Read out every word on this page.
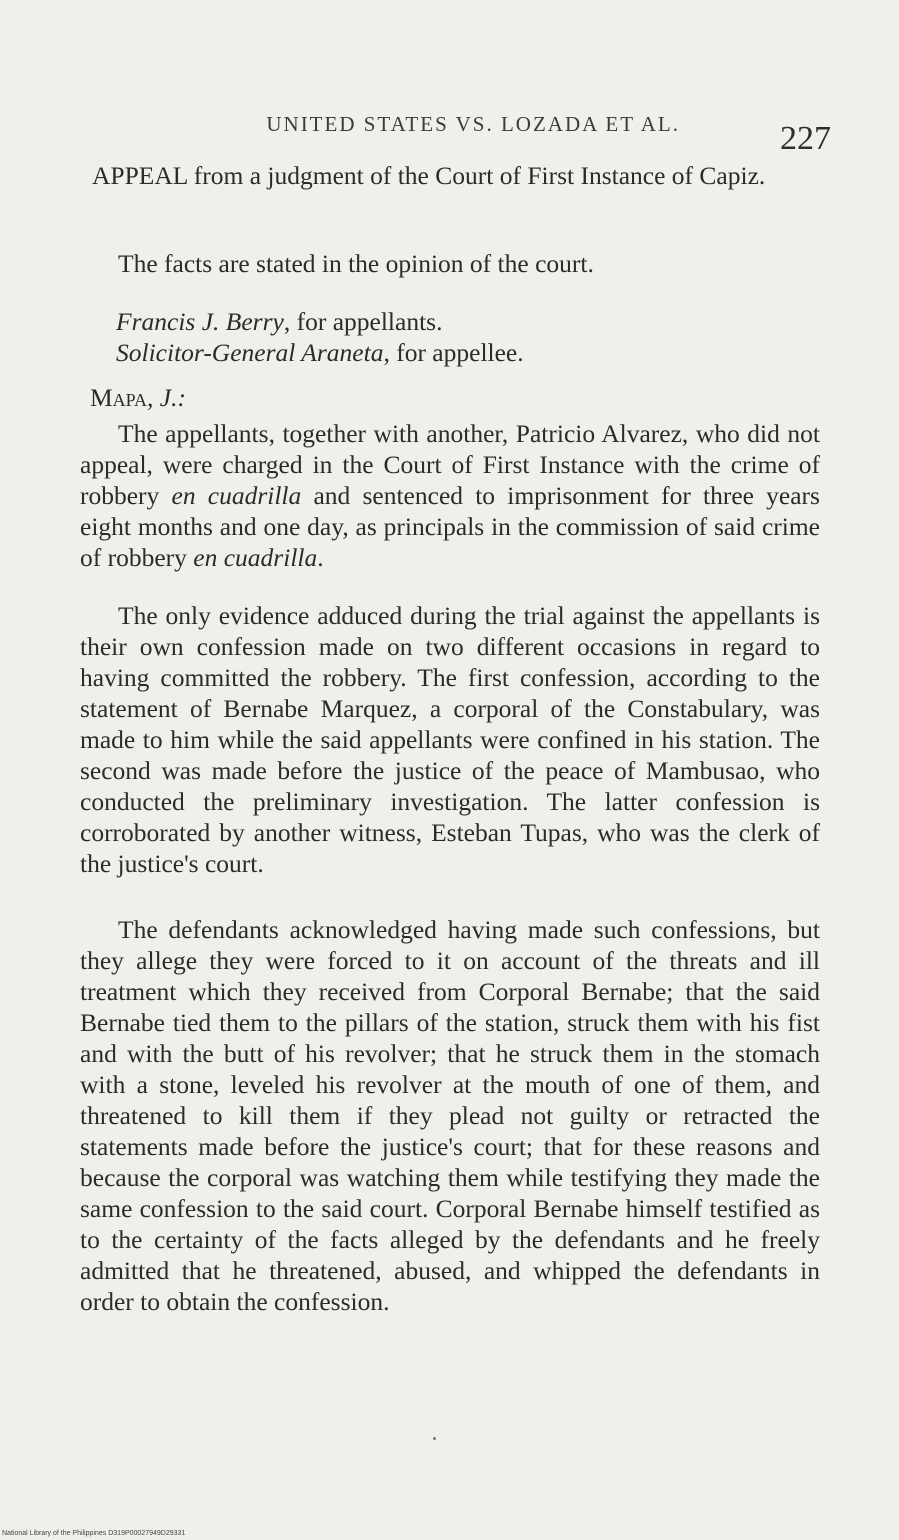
UNITED STATES VS. LOZADA ET AL.	227
APPEAL from a judgment of the Court of First Instance of Capiz.
The facts are stated in the opinion of the court.
Francis J. Berry, for appellants.
Solicitor-General Araneta, for appellee.
Mapa, J.:
The appellants, together with another, Patricio Alvarez, who did not appeal, were charged in the Court of First Instance with the crime of robbery en cuadrilla and sentenced to imprisonment for three years eight months and one day, as principals in the commission of said crime of robbery en cuadrilla.
The only evidence adduced during the trial against the appellants is their own confession made on two different occasions in regard to having committed the robbery. The first confession, according to the statement of Bernabe Marquez, a corporal of the Constabulary, was made to him while the said appellants were confined in his station. The second was made before the justice of the peace of Mambusao, who conducted the preliminary investigation. The latter confession is corroborated by another witness, Esteban Tupas, who was the clerk of the justice's court.
The defendants acknowledged having made such confessions, but they allege they were forced to it on account of the threats and ill treatment which they received from Corporal Bernabe; that the said Bernabe tied them to the pillars of the station, struck them with his fist and with the butt of his revolver; that he struck them in the stomach with a stone, leveled his revolver at the mouth of one of them, and threatened to kill them if they plead not guilty or retracted the statements made before the justice's court; that for these reasons and because the corporal was watching them while testifying they made the same confession to the said court. Corporal Bernabe himself testified as to the certainty of the facts alleged by the defendants and he freely admitted that he threatened, abused, and whipped the defendants in order to obtain the confession.
National Library of the Philippines D319P00027949D29331
